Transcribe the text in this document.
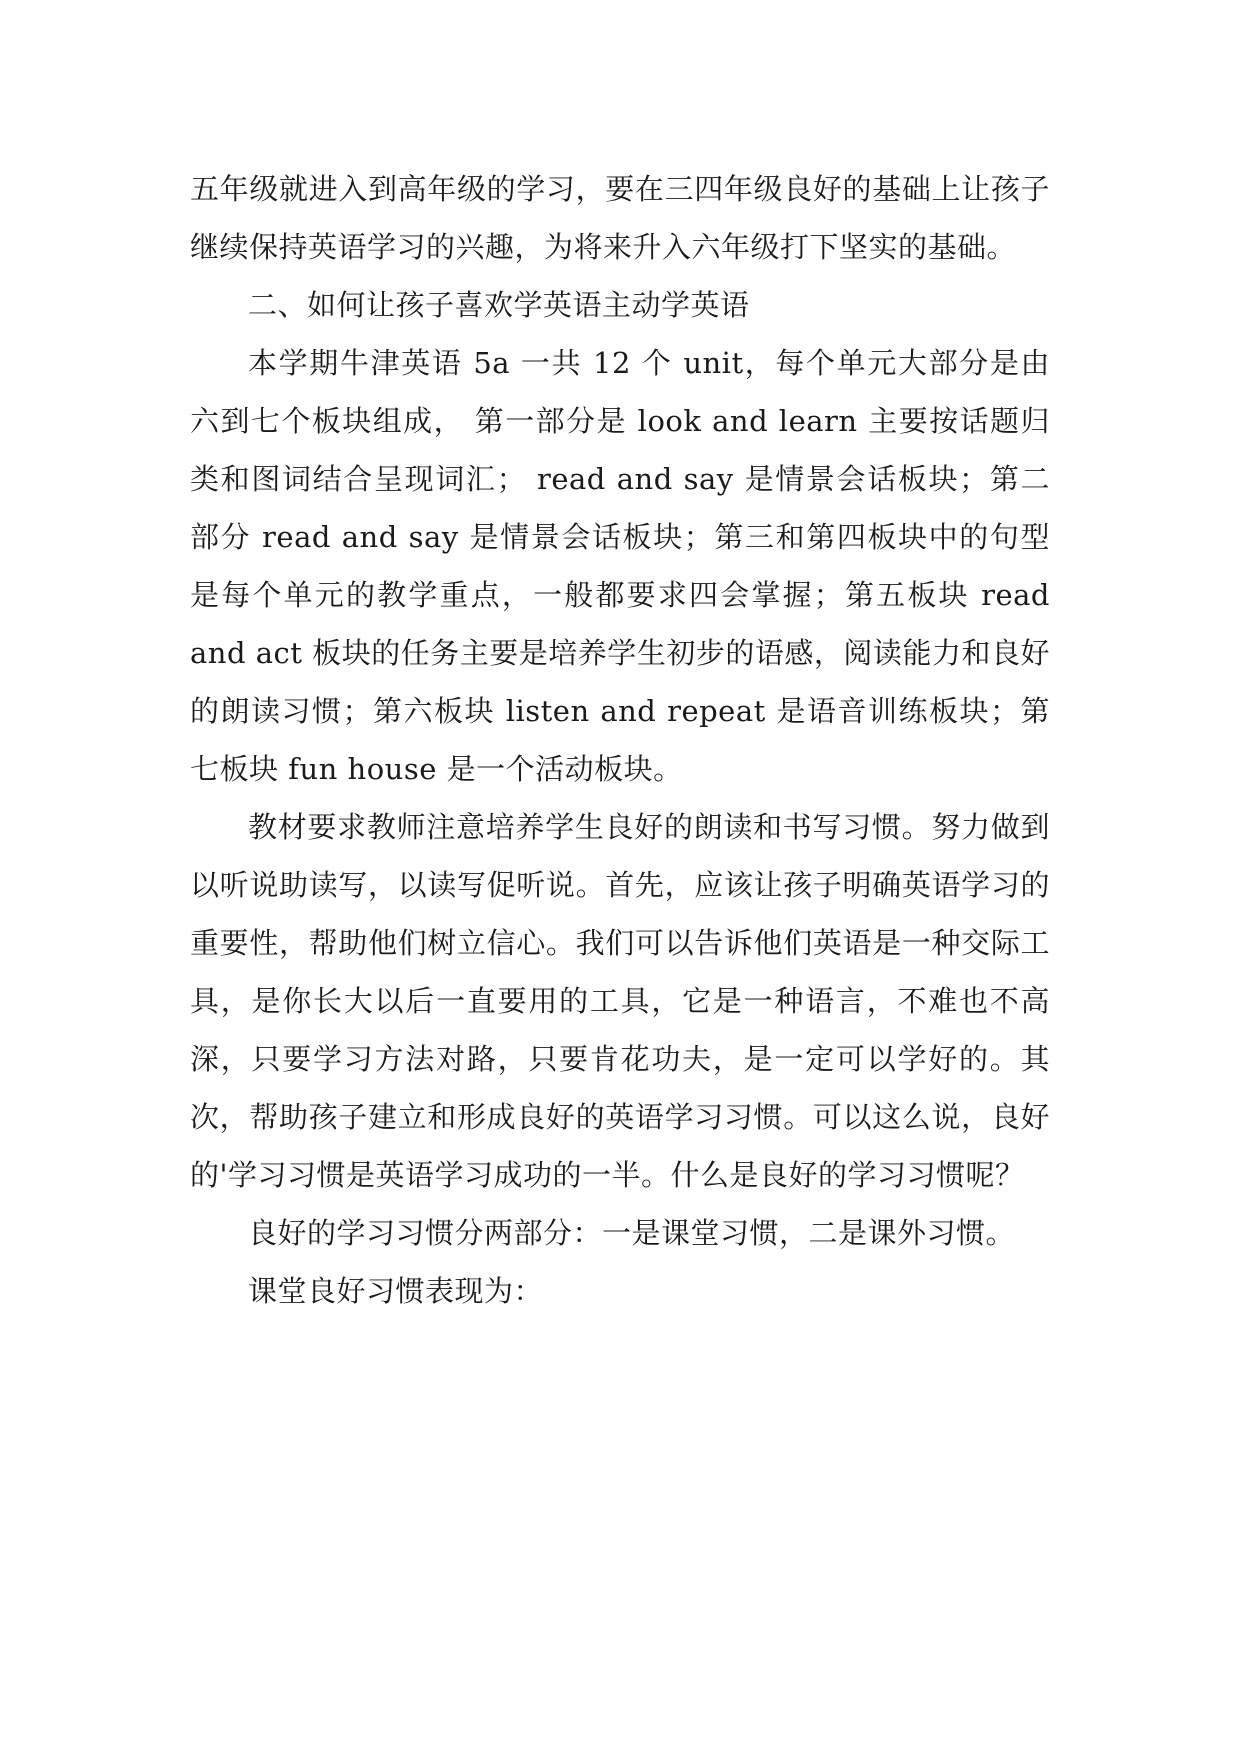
五年级就进入到高年级的学习，要在三四年级良好的基础上让孩子继续保持英语学习的兴趣，为将来升入六年级打下坚实的基础。

二、如何让孩子喜欢学英语主动学英语

本学期牛津英语 5a 一共 12 个 unit，每个单元大部分是由六到七个板块组成， 第一部分是 look and learn 主要按话题归类和图词结合呈现词汇； read and say 是情景会话板块；第二部分 read and say 是情景会话板块；第三和第四板块中的句型是每个单元的教学重点，一般都要求四会掌握；第五板块 read and act 板块的任务主要是培养学生初步的语感，阅读能力和良好的朗读习惯；第六板块 listen and repeat 是语音训练板块；第七板块 fun house 是一个活动板块。

教材要求教师注意培养学生良好的朗读和书写习惯。努力做到以听说助读写，以读写促听说。首先，应该让孩子明确英语学习的重要性，帮助他们树立信心。我们可以告诉他们英语是一种交际工具，是你长大以后一直要用的工具，它是一种语言，不难也不高深，只要学习方法对路，只要肯花功夫，是一定可以学好的。其次，帮助孩子建立和形成良好的英语学习习惯。可以这么说，良好的'学习习惯是英语学习成功的一半。什么是良好的学习习惯呢？

良好的学习习惯分两部分：一是课堂习惯，二是课外习惯。

课堂良好习惯表现为：
